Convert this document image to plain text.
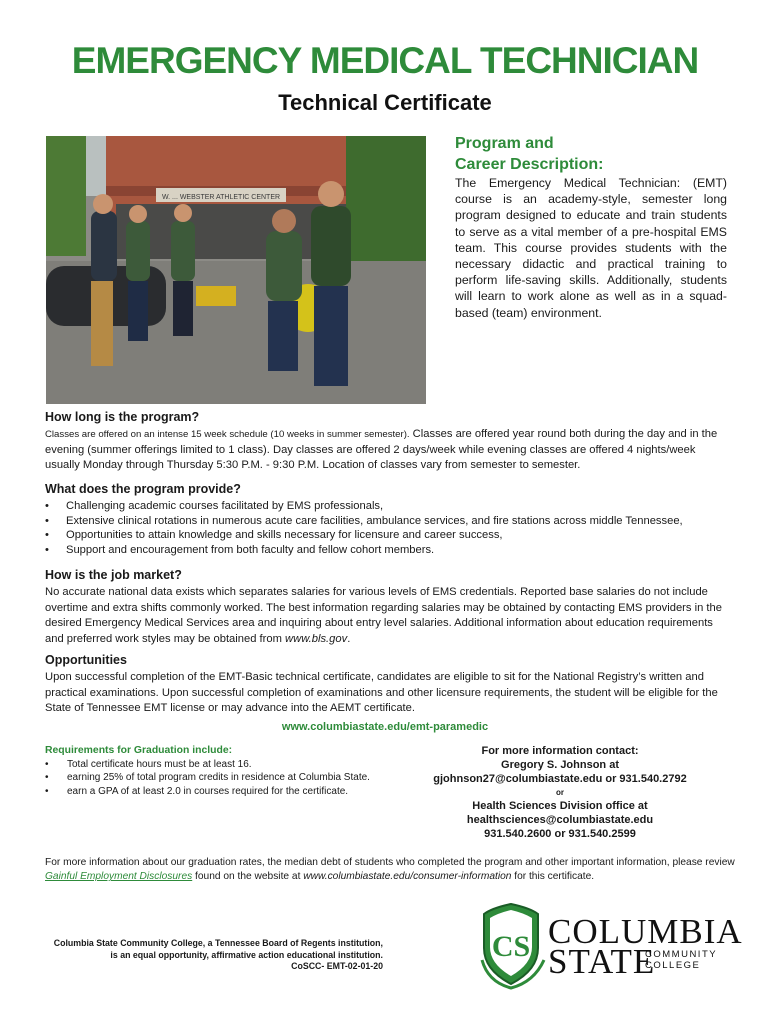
EMERGENCY MEDICAL TECHNICIAN
Technical Certificate
W. ... WEBSTER ATHLETIC CENTER
Program and
Career Description:
The Emergency Medical Technician: (EMT) course is an academy-style, semester long program designed to educate and train students to serve as a vital member of a pre-hospital EMS team. This course provides students with the necessary didactic and practical training to perform life-saving skills. Additionally, students will learn to work alone as well as in a squad-based (team) environment.
How long is the program?

Classes are offered on an intense 15 week schedule (10 weeks in summer semester). Classes are offered year round both during the day and in the evening (summer offerings limited to 1 class). Day classes are offered 2 days/week while evening classes are offered 4 nights/week usually Monday through Thursday 5:30 P.M. - 9:30 P.M. Location of classes vary from semester to semester.

What does the program provide?
• Challenging academic courses facilitated by EMS professionals,
• Extensive clinical rotations in numerous acute care facilities, ambulance services, and fire stations across middle Tennessee,
• Opportunities to attain knowledge and skills necessary for licensure and career success,
• Support and encouragement from both faculty and fellow cohort members.
How is the job market?

No accurate national data exists which separates salaries for various levels of EMS credentials. Reported base salaries do not include overtime and extra shifts commonly worked. The best information regarding salaries may be obtained by contacting EMS providers in the desired Emergency Medical Services area and inquiring about entry level salaries. Additional information about education requirements and preferred work styles may be obtained from www.bls.gov.

Opportunities

Upon successful completion of the EMT-Basic technical certificate, candidates are eligible to sit for the National Registry’s written and practical examinations. Upon successful completion of examinations and other licensure requirements, the student will be eligible for the State of Tennessee EMT license or may advance into the AEMT certificate.

www.columbiastate.edu/emt-paramedic
Requirements for Graduation include:
• Total certificate hours must be at least 16.
• earning 25% of total program credits in residence at Columbia State.
• earn a GPA of at least 2.0 in courses required for the certificate.
For more information contact:
Gregory S. Johnson at
gjohnson27@columbiastate.edu or 931.540.2792
or
Health Sciences Division office at
healthsciences@columbiastate.edu
931.540.2600 or 931.540.2599
For more information about our graduation rates, the median debt of students who completed the program and other important information, please review Gainful Employment Disclosures found on the website at www.columbiastate.edu/consumer-information for this certificate.
Columbia State Community College, a Tennessee Board of Regents institution,
is an equal opportunity, affirmative action educational institution.
CoSCC- EMT-02-01-20
CS COLUMBIA
STATE
COMMUNITY
COLLEGE
